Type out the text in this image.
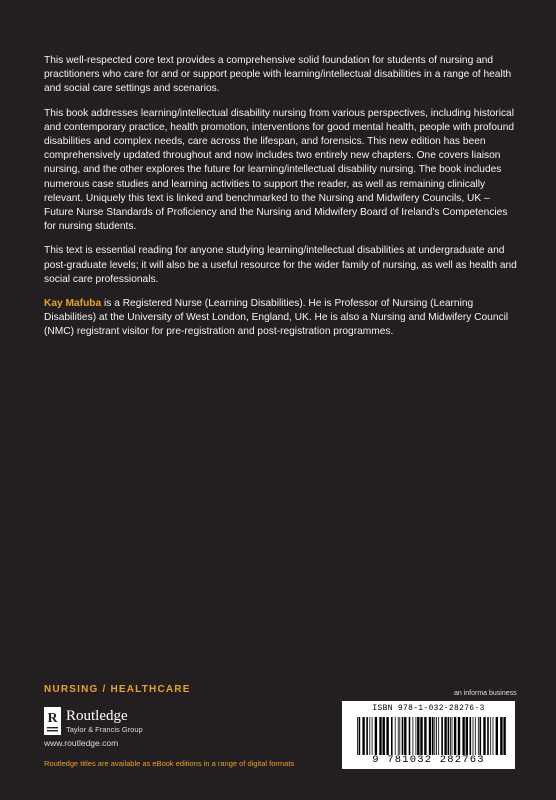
This well-respected core text provides a comprehensive solid foundation for students of nursing and practitioners who care for and or support people with learning/intellectual disabilities in a range of health and social care settings and scenarios.

This book addresses learning/intellectual disability nursing from various perspectives, including historical and contemporary practice, health promotion, interventions for good mental health, people with profound disabilities and complex needs, care across the lifespan, and forensics. This new edition has been comprehensively updated throughout and now includes two entirely new chapters. One covers liaison nursing, and the other explores the future for learning/intellectual disability nursing. The book includes numerous case studies and learning activities to support the reader, as well as remaining clinically relevant. Uniquely this text is linked and benchmarked to the Nursing and Midwifery Councils, UK – Future Nurse Standards of Proficiency and the Nursing and Midwifery Board of Ireland's Competencies for nursing students.

This text is essential reading for anyone studying learning/intellectual disabilities at undergraduate and post-graduate levels; it will also be a useful resource for the wider family of nursing, as well as health and social care professionals.

Kay Mafuba is a Registered Nurse (Learning Disabilities). He is Professor of Nursing (Learning Disabilities) at the University of West London, England, UK. He is also a Nursing and Midwifery Council (NMC) registrant visitor for pre-registration and post-registration programmes.

NURSING / HEALTHCARE
R Routledge
Taylor & Francis Group
www.routledge.com
Routledge titles are available as eBook editions in a range of digital formats
an informa business
ISBN 978-1-032-28276-3
9 781032 282763
